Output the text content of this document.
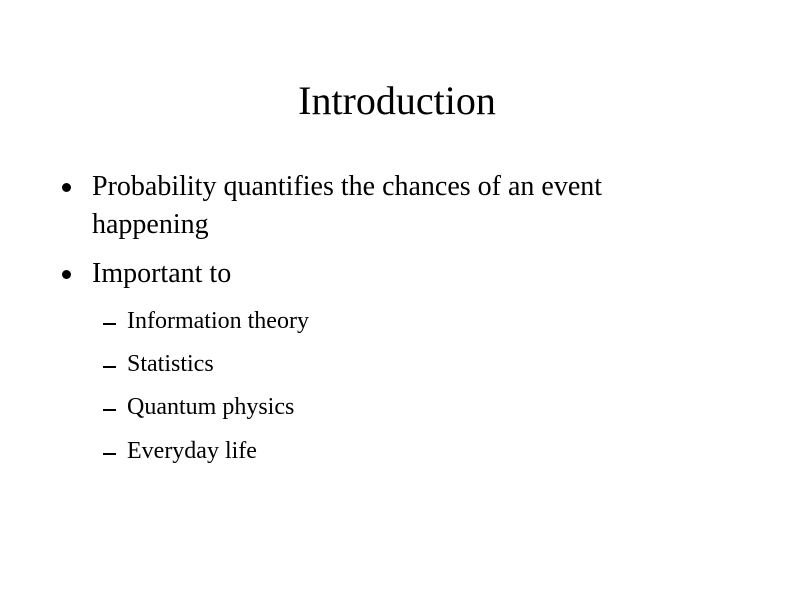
Introduction
Probability quantifies the chances of an event happening
Important to
Information theory
Statistics
Quantum physics
Everyday life
